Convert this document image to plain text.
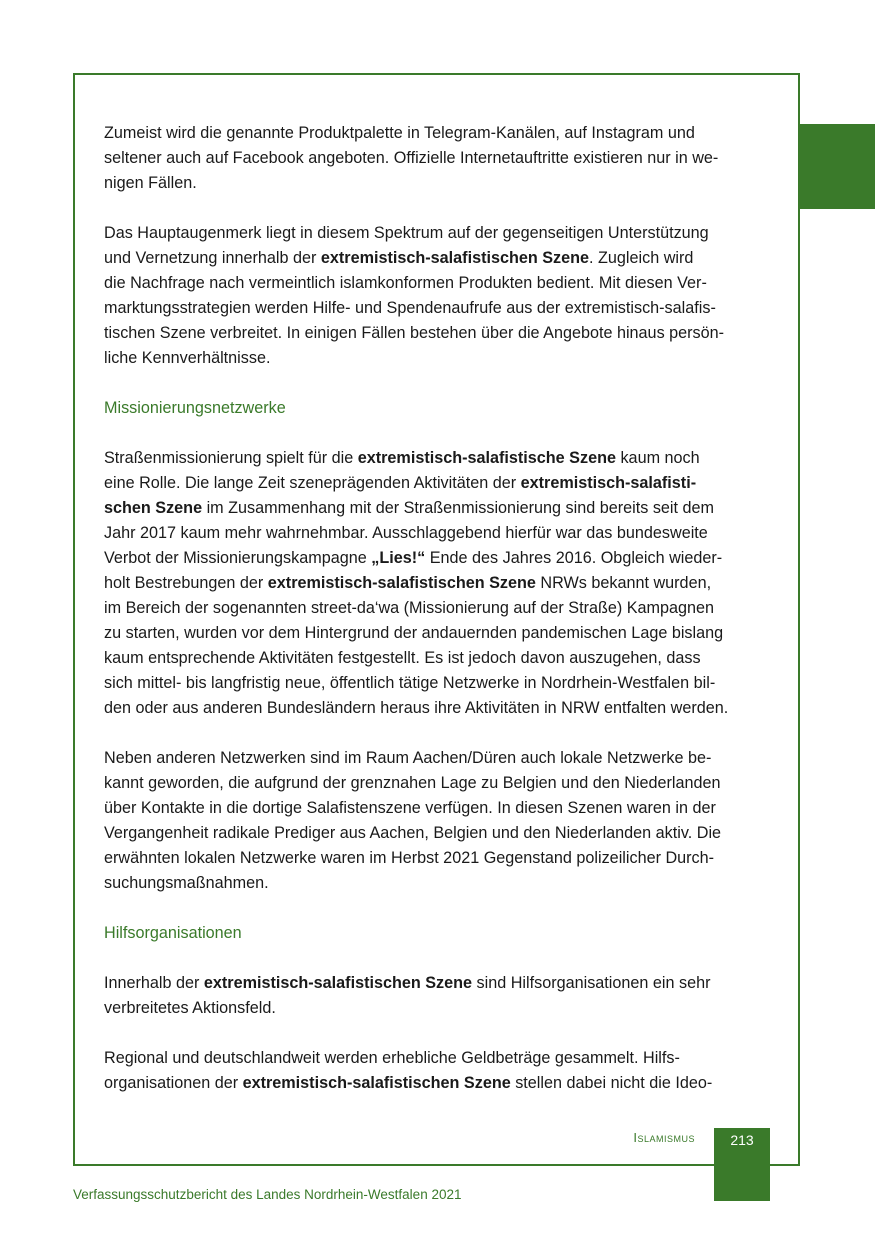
Zumeist wird die genannte Produktpalette in Telegram-Kanälen, auf Instagram und
seltener auch auf Facebook angeboten. Offizielle Internetauftritte existieren nur in we-
nigen Fällen.

Das Hauptaugenmerk liegt in diesem Spektrum auf der gegenseitigen Unterstützung
und Vernetzung innerhalb der extremistisch-salafistischen Szene. Zugleich wird
die Nachfrage nach vermeintlich islamkonformen Produkten bedient. Mit diesen Ver-
marktungsstrategien werden Hilfe- und Spendenaufrufe aus der extremistisch-salafis-
tischen Szene verbreitet. In einigen Fällen bestehen über die Angebote hinaus persön-
liche Kennverhältnisse.

Missionierungsnetzwerke

Straßenmissionierung spielt für die extremistisch-salafistische Szene kaum noch
eine Rolle. Die lange Zeit szeneprägenden Aktivitäten der extremistisch-salafisti-
schen Szene im Zusammenhang mit der Straßenmissionierung sind bereits seit dem
Jahr 2017 kaum mehr wahrnehmbar. Ausschlaggebend hierfür war das bundesweite
Verbot der Missionierungskampagne „Lies!“ Ende des Jahres 2016. Obgleich wieder-
holt Bestrebungen der extremistisch-salafistischen Szene NRWs bekannt wurden,
im Bereich der sogenannten street-da‘wa (Missionierung auf der Straße) Kampagnen
zu starten, wurden vor dem Hintergrund der andauernden pandemischen Lage bislang
kaum entsprechende Aktivitäten festgestellt. Es ist jedoch davon auszugehen, dass
sich mittel- bis langfristig neue, öffentlich tätige Netzwerke in Nordrhein-Westfalen bil-
den oder aus anderen Bundesländern heraus ihre Aktivitäten in NRW entfalten werden.

Neben anderen Netzwerken sind im Raum Aachen/Düren auch lokale Netzwerke be-
kannt geworden, die aufgrund der grenznahen Lage zu Belgien und den Niederlanden
über Kontakte in die dortige Salafistenszene verfügen. In diesen Szenen waren in der
Vergangenheit radikale Prediger aus Aachen, Belgien und den Niederlanden aktiv. Die
erwähnten lokalen Netzwerke waren im Herbst 2021 Gegenstand polizeilicher Durch-
suchungsmaßnahmen.

Hilfsorganisationen

Innerhalb der extremistisch-salafistischen Szene sind Hilfsorganisationen ein sehr
verbreitetes Aktionsfeld.

Regional und deutschlandweit werden erhebliche Geldbeträge gesammelt. Hilfs-
organisationen der extremistisch-salafistischen Szene stellen dabei nicht die Ideo-

Islamismus	213
Verfassungsschutzbericht des Landes Nordrhein-Westfalen 2021
